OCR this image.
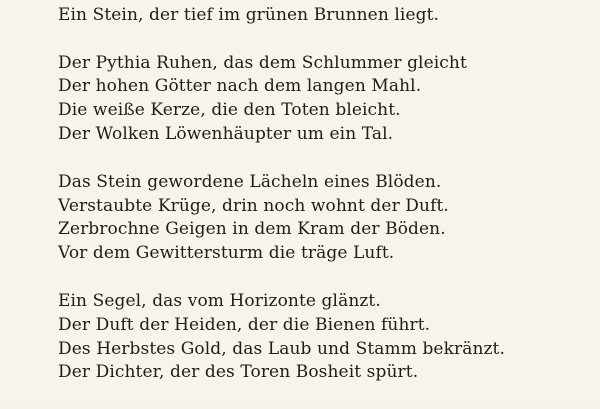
Ein Stein, der tief im grünen Brunnen liegt.
Der Pythia Ruhen, das dem Schlummer gleicht
Der hohen Götter nach dem langen Mahl.
Die weiße Kerze, die den Toten bleicht.
Der Wolken Löwenhäupter um ein Tal.
Das Stein gewordene Lächeln eines Blöden.
Verstaubte Krüge, drin noch wohnt der Duft.
Zerbrochne Geigen in dem Kram der Böden.
Vor dem Gewittersturm die träge Luft.
Ein Segel, das vom Horizonte glänzt.
Der Duft der Heiden, der die Bienen führt.
Des Herbstes Gold, das Laub und Stamm bekränzt.
Der Dichter, der des Toren Bosheit spürt.
